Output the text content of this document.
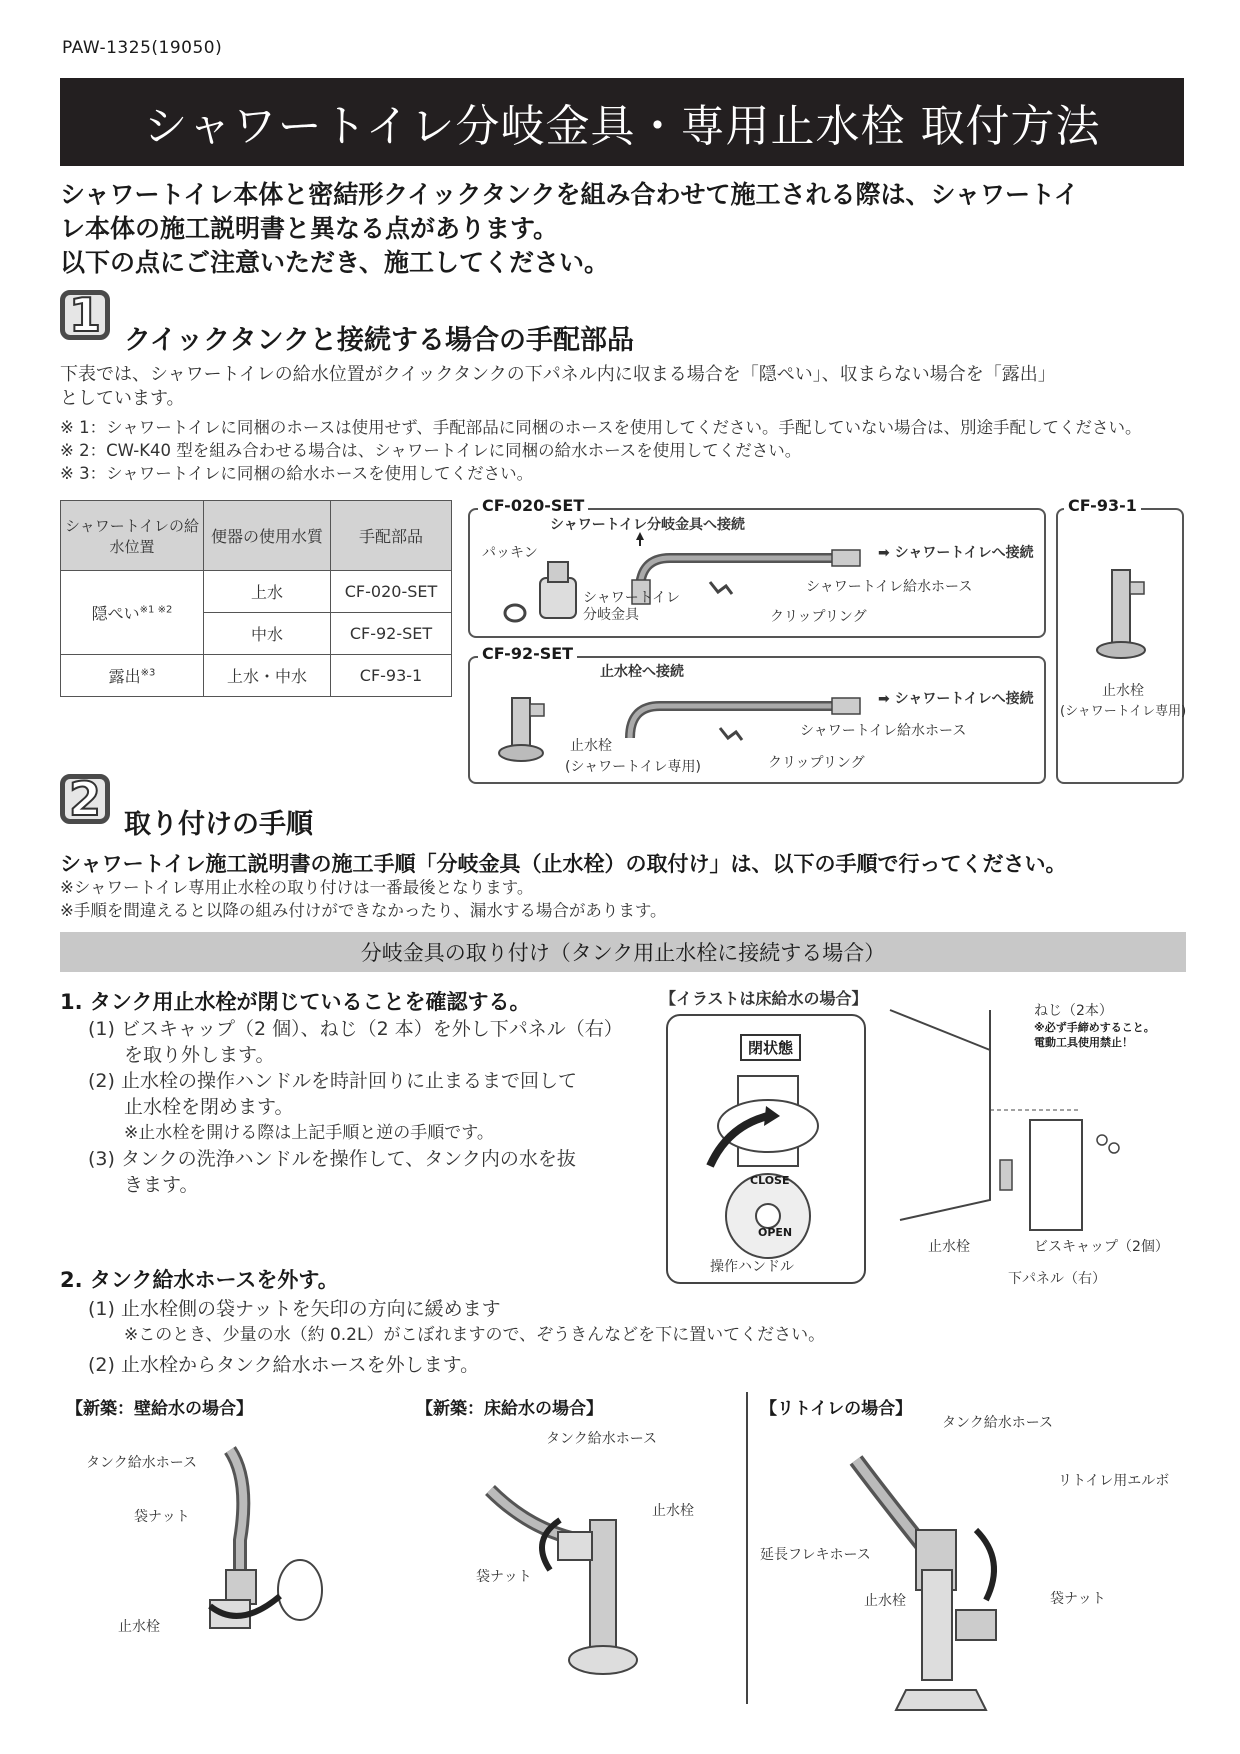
PAW-1325(19050)
シャワートイレ分岐金具・専用止水栓 取付方法
シャワートイレ本体と密結形クイックタンクを組み合わせて施工される際は、シャワートイ
レ本体の施工説明書と異なる点があります。
以下の点にご注意いただき、施工してください。
1 クイックタンクと接続する場合の手配部品
下表では、シャワートイレの給水位置がクイックタンクの下パネル内に収まる場合を「隠ぺい」、収まらない場合を「露出」
としています。
※ 1：シャワートイレに同梱のホースは使用せず、手配部品に同梱のホースを使用してください。手配していない場合は、別途手配してください。
※ 2：CW-K40 型を組み合わせる場合は、シャワートイレに同梱の給水ホースを使用してください。
※ 3：シャワートイレに同梱の給水ホースを使用してください。
シャワートイレの給水位置	便器の使用水質	手配部品
隠ぺい$^{※1 ※2}$	上水	CF-020-SET
	中水	CF-92-SET
露出$^{※3}$	上水・中水	CF-93-1
CF-020-SET
シャワートイレ分岐金具へ接続
パッキン
シャワートイレ
分岐金具
➡ シャワートイレへ接続
シャワートイレ給水ホース
クリップリング
CF-92-SET
止水栓へ接続
止水栓
(シャワートイレ専用)
➡ シャワートイレへ接続
シャワートイレ給水ホース
クリップリング
CF-93-1
止水栓
(シャワートイレ専用)
2 取り付けの手順
シャワートイレ施工説明書の施工手順「分岐金具（止水栓）の取付け」は、以下の手順で行ってください。
※シャワートイレ専用止水栓の取り付けは一番最後となります。
※手順を間違えると以降の組み付けができなかったり、漏水する場合があります。
分岐金具の取り付け（タンク用止水栓に接続する場合）
1. タンク用止水栓が閉じていることを確認する。
(1) ビスキャップ（2 個）、ねじ（2 本）を外し下パネル（右）
を取り外します。
(2) 止水栓の操作ハンドルを時計回りに止まるまで回して
止水栓を閉めます。
※止水栓を開ける際は上記手順と逆の手順です。
(3) タンクの洗浄ハンドルを操作して、タンク内の水を抜
きます。
【イラストは床給水の場合】
閉状態
CLOSE
OPEN
操作ハンドル
ねじ（2本）
※必ず手締めすること。
電動工具使用禁止！
止水栓	ビスキャップ（2個）
下パネル（右）
2. タンク給水ホースを外す。
(1) 止水栓側の袋ナットを矢印の方向に緩めます
※このとき、少量の水（約 0.2L）がこぼれますので、ぞうきんなどを下に置いてください。
(2) 止水栓からタンク給水ホースを外します。
【新築：壁給水の場合】	【新築：床給水の場合】	【リトイレの場合】
タンク給水ホース
袋ナット
止水栓
タンク給水ホース
止水栓
袋ナット
タンク給水ホース
リトイレ用エルボ
延長フレキホース
止水栓	袋ナット
